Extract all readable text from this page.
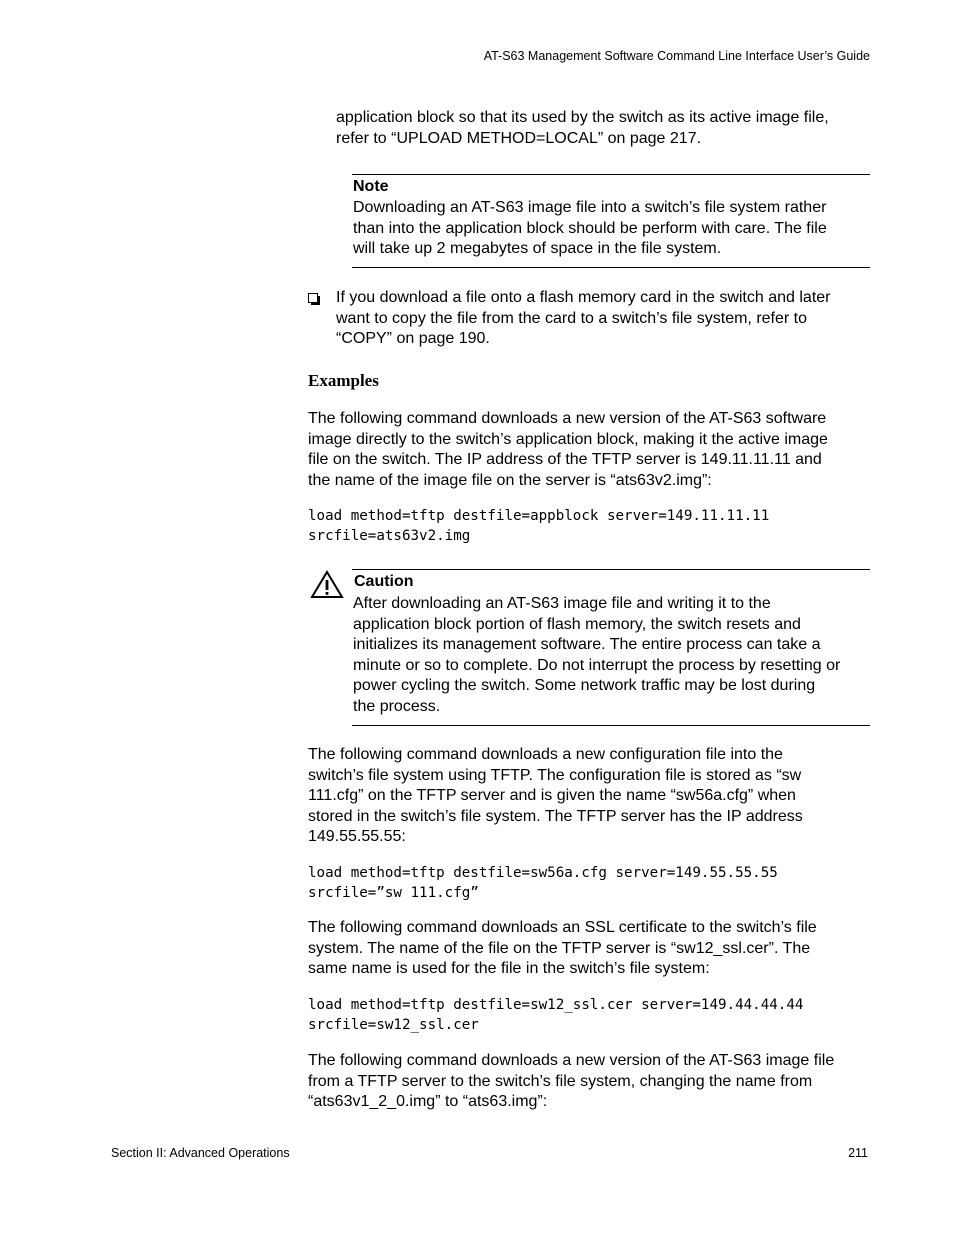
AT-S63 Management Software Command Line Interface User’s Guide
application block so that its used by the switch as its active image file,
refer to “UPLOAD METHOD=LOCAL” on page 217.
Note
Downloading an AT-S63 image file into a switch’s file system rather
than into the application block should be perform with care. The file
will take up 2 megabytes of space in the file system.
If you download a file onto a flash memory card in the switch and later
want to copy the file from the card to a switch’s file system, refer to
“COPY” on page 190.
Examples
The following command downloads a new version of the AT-S63 software
image directly to the switch’s application block, making it the active image
file on the switch. The IP address of the TFTP server is 149.11.11.11 and
the name of the image file on the server is “ats63v2.img”:
load method=tftp destfile=appblock server=149.11.11.11
srcfile=ats63v2.img
Caution
After downloading an AT-S63 image file and writing it to the
application block portion of flash memory, the switch resets and
initializes its management software. The entire process can take a
minute or so to complete. Do not interrupt the process by resetting or
power cycling the switch. Some network traffic may be lost during
the process.
The following command downloads a new configuration file into the
switch’s file system using TFTP. The configuration file is stored as “sw
111.cfg” on the TFTP server and is given the name “sw56a.cfg” when
stored in the switch’s file system. The TFTP server has the IP address
149.55.55.55:
load method=tftp destfile=sw56a.cfg server=149.55.55.55
srcfile=”sw 111.cfg”
The following command downloads an SSL certificate to the switch’s file
system. The name of the file on the TFTP server is “sw12_ssl.cer”. The
same name is used for the file in the switch’s file system:
load method=tftp destfile=sw12_ssl.cer server=149.44.44.44
srcfile=sw12_ssl.cer
The following command downloads a new version of the AT-S63 image file
from a TFTP server to the switch’s file system, changing the name from
“ats63v1_2_0.img” to “ats63.img”:
Section II: Advanced Operations	211
